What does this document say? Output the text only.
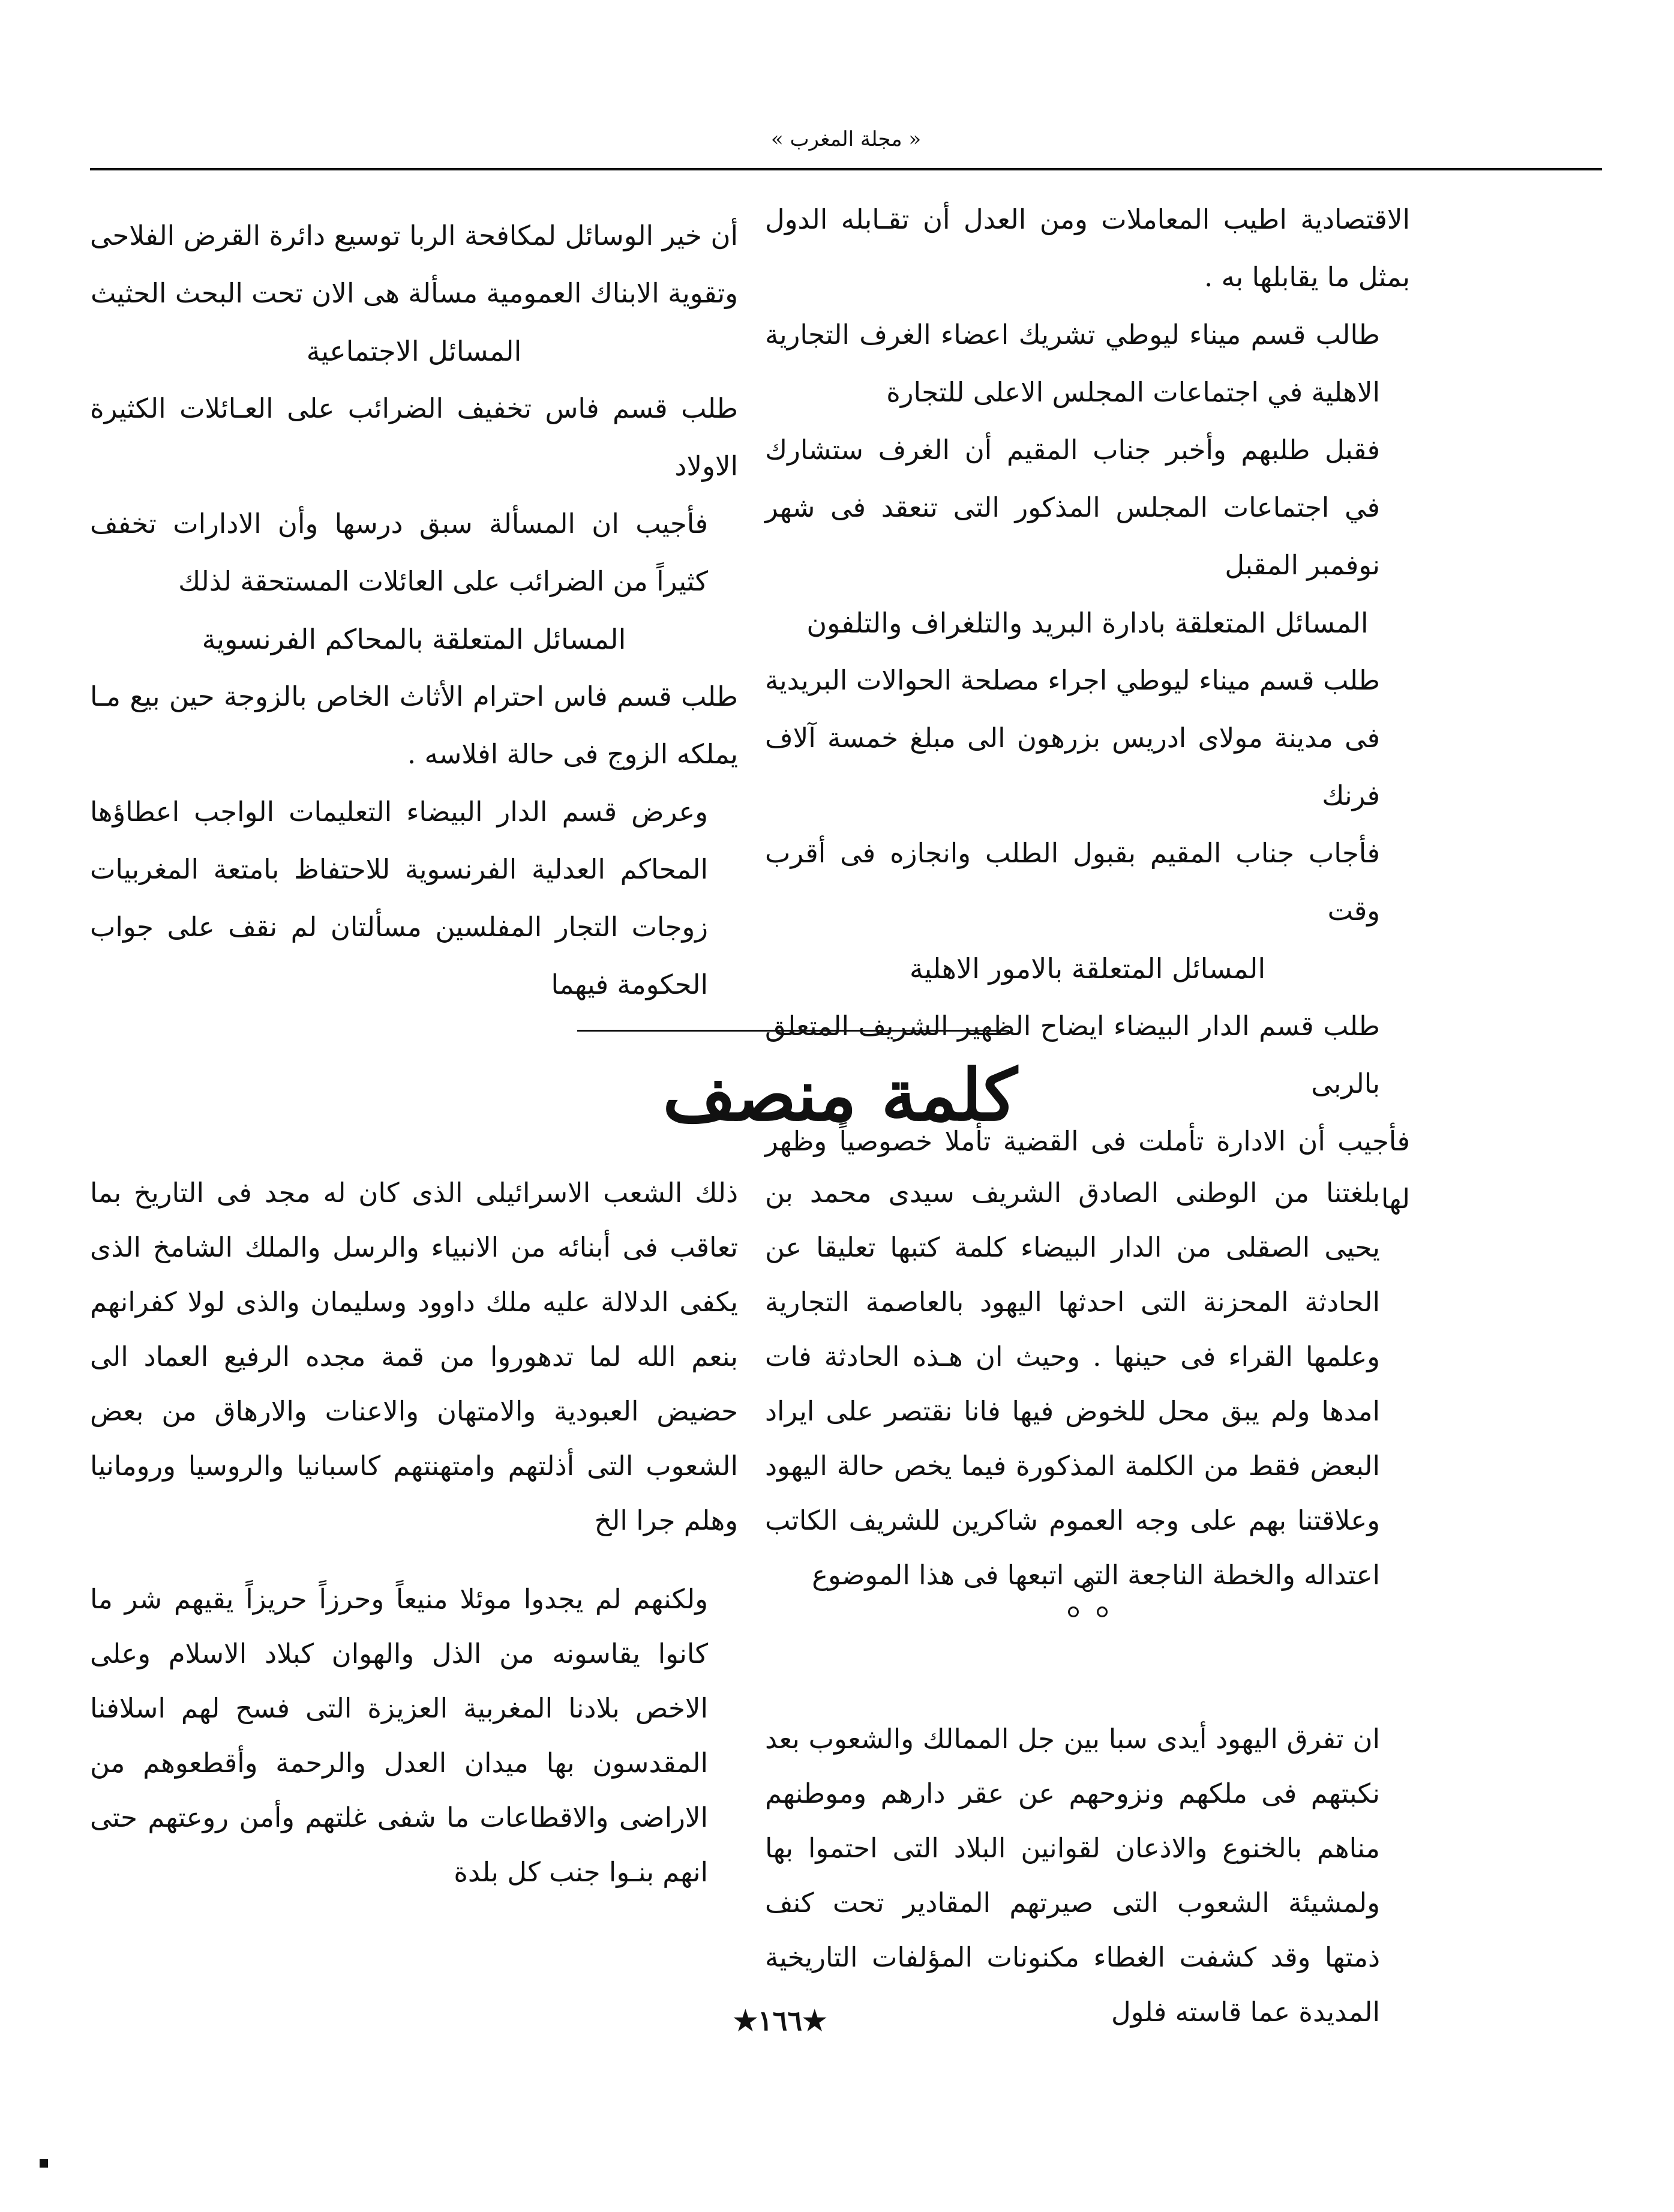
« مجلة المغرب »

الاقتصادية اطيب المعاملات ومن العدل أن تقـابله الدول بمثل ما يقابلها به .

طالب قسم ميناء ليوطي تشريك اعضاء الغرف التجارية الاهلية في اجتماعات المجلس الاعلى للتجارة

فقبل طلبهم وأخبر جناب المقيم أن الغرف ستشارك في اجتماعات المجلس المذكور التى تنعقد فى شهر نوفمبر المقبل

المسائل المتعلقة بادارة البريد والتلغراف والتلفون

طلب قسم ميناء ليوطي اجراء مصلحة الحوالات البريدية فى مدينة مولاى ادريس بزرهون الى مبلغ خمسة آلاف فرنك

فأجاب جناب المقيم بقبول الطلب وانجازه فى أقرب وقت

المسائل المتعلقة بالامور الاهلية

طلب قسم الدار البيضاء ايضاح الظهير الشريف المتعلق بالربى

فأجيب أن الادارة تأملت فى القضية تأملا خصوصياً وظهر لها

أن خير الوسائل لمكافحة الربا توسيع دائرة القرض الفلاحى وتقوية الابناك العمومية مسألة هى الان تحت البحث الحثيث

المسائل الاجتماعية

طلب قسم فاس تخفيف الضرائب على العـائلات الكثيرة الاولاد

فأجيب ان المسألة سبق درسها وأن الادارات تخفف كثيراً من الضرائب على العائلات المستحقة لذلك

المسائل المتعلقة بالمحاكم الفرنسوية

طلب قسم فاس احترام الأثاث الخاص بالزوجة حين بيع مـا يملكه الزوج فى حالة افلاسه .

وعرض قسم الدار البيضاء التعليمات الواجب اعطاؤها المحاكم العدلية الفرنسوية للاحتفاظ بامتعة المغربيات زوجات التجار المفلسين مسألتان لم نقف على جواب الحكومة فيهما

كلمة منصف

بلغتنا من الوطنى الصادق الشريف سيدى محمد بن يحيى الصقلى من الدار البيضاء كلمة كتبها تعليقا عن الحادثة المحزنة التى احدثها اليهود بالعاصمة التجارية وعلمها القراء فى حينها . وحيث ان هـذه الحادثة فات امدها ولم يبق محل للخوض فيها فانا نقتصر على ايراد البعض فقط من الكلمة المذكورة فيما يخص حالة اليهود وعلاقتنا بهم على وجه العموم شاكرين للشريف الكاتب اعتداله والخطة الناجعة التى اتبعها فى هذا الموضوع

ان تفرق اليهود أيدى سبا بين جل الممالك والشعوب بعد نكبتهم فى ملكهم ونزوحهم عن عقر دارهم وموطنهم مناهم بالخنوع والاذعان لقوانين البلاد التى احتموا بها ولمشيئة الشعوب التى صيرتهم المقادير تحت كنف ذمتها وقد كشفت الغطاء مكنونات المؤلفات التاريخية المديدة عما قاسته فلول

ذلك الشعب الاسرائيلى الذى كان له مجد فى التاريخ بما تعاقب فى أبنائه من الانبياء والرسل والملك الشامخ الذى يكفى الدلالة عليه ملك داوود وسليمان والذى لولا كفرانهم بنعم الله لما تدهوروا من قمة مجده الرفيع العماد الى حضيض العبودية والامتهان والاعنات والارهاق من بعض الشعوب التى أذلتهم وامتهنتهم كاسبانيا والروسيا ورومانيا وهلم جرا الخ

ولكنهم لم يجدوا موئلا منيعاً وحرزاً حريزاً يقيهم شر ما كانوا يقاسونه من الذل والهوان كبلاد الاسلام وعلى الاخص بلادنا المغربية العزيزة التى فسح لهم اسلافنا المقدسون بها ميدان العدل والرحمة وأقطعوهم من الاراضى والاقطاعات ما شفى غلتهم وأمن روعتهم حتى انهم بنـوا جنب كل بلدة

★١٦٦★
